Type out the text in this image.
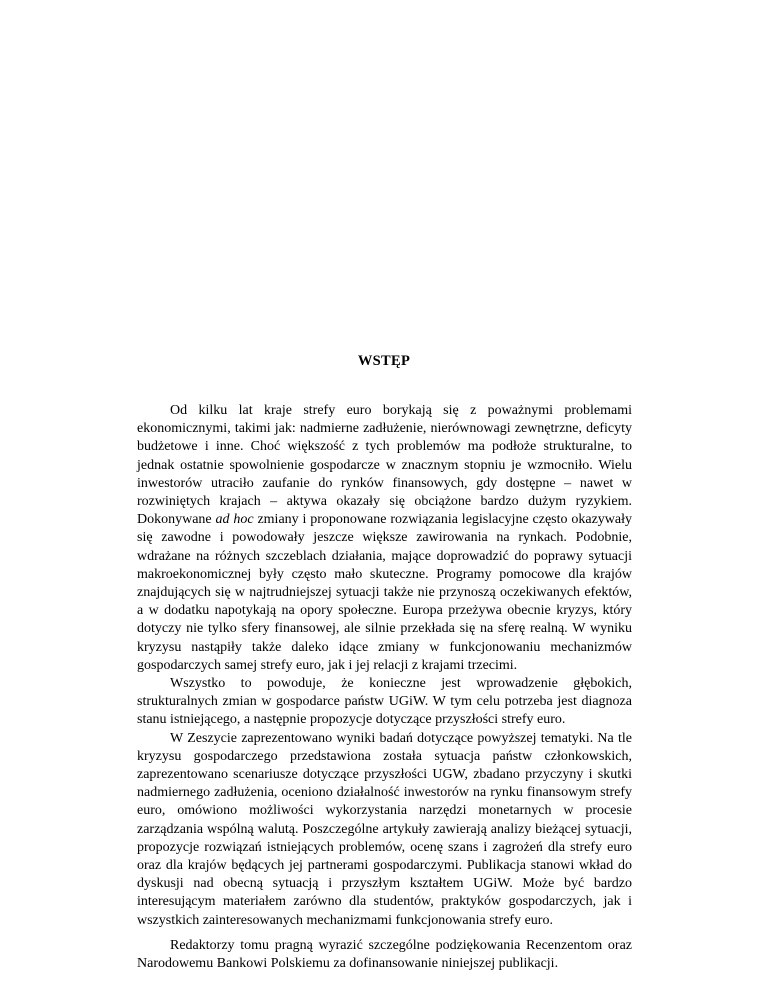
WSTĘP

Od kilku lat kraje strefy euro borykają się z poważnymi problemami ekonomicznymi, takimi jak: nadmierne zadłużenie, nierównowagi zewnętrzne, deficyty budżetowe i inne. Choć większość z tych problemów ma podłoże strukturalne, to jednak ostatnie spowolnienie gospodarcze w znacznym stopniu je wzmocniło. Wielu inwestorów utraciło zaufanie do rynków finansowych, gdy dostępne – nawet w rozwiniętych krajach – aktywa okazały się obciążone bardzo dużym ryzykiem. Dokonywane ad hoc zmiany i proponowane rozwiązania legislacyjne często okazywały się zawodne i powodowały jeszcze większe zawirowania na rynkach. Podobnie, wdrażane na różnych szczeblach działania, mające doprowadzić do poprawy sytuacji makroekonomicznej były często mało skuteczne. Programy pomocowe dla krajów znajdujących się w najtrudniejszej sytuacji także nie przynoszą oczekiwanych efektów, a w dodatku napotykają na opory społeczne. Europa przeżywa obecnie kryzys, który dotyczy nie tylko sfery finansowej, ale silnie przekłada się na sferę realną. W wyniku kryzysu nastąpiły także daleko idące zmiany w funkcjonowaniu mechanizmów gospodarczych samej strefy euro, jak i jej relacji z krajami trzecimi.

Wszystko to powoduje, że konieczne jest wprowadzenie głębokich, strukturalnych zmian w gospodarce państw UGiW. W tym celu potrzeba jest diagnoza stanu istniejącego, a następnie propozycje dotyczące przyszłości strefy euro.

W Zeszycie zaprezentowano wyniki badań dotyczące powyższej tematyki. Na tle kryzysu gospodarczego przedstawiona została sytuacja państw członkowskich, zaprezentowano scenariusze dotyczące przyszłości UGW, zbadano przyczyny i skutki nadmiernego zadłużenia, oceniono działalność inwestorów na rynku finansowym strefy euro, omówiono możliwości wykorzystania narzędzi monetarnych w procesie zarządzania wspólną walutą. Poszczególne artykuły zawierają analizy bieżącej sytuacji, propozycje rozwiązań istniejących problemów, ocenę szans i zagrożeń dla strefy euro oraz dla krajów będących jej partnerami gospodarczymi. Publikacja stanowi wkład do dyskusji nad obecną sytuacją i przyszłym kształtem UGiW. Może być bardzo interesującym materiałem zarówno dla studentów, praktyków gospodarczych, jak i wszystkich zainteresowanych mechanizmami funkcjonowania strefy euro.

Redaktorzy tomu pragną wyrazić szczególne podziękowania Recenzentom oraz Narodowemu Bankowi Polskiemu za dofinansowanie niniejszej publikacji.
